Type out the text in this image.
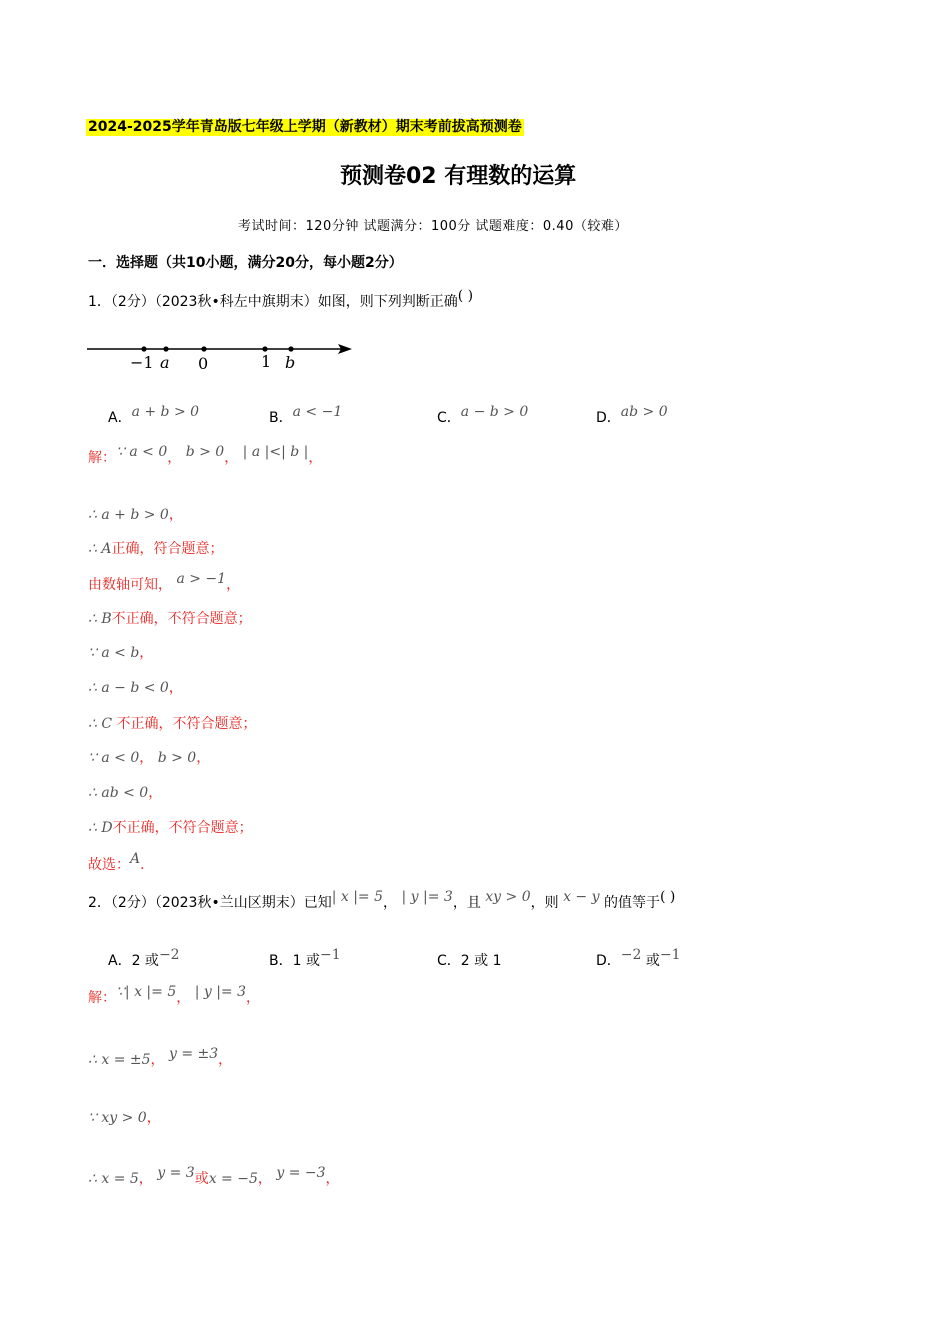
2024-2025学年青岛版七年级上学期（新教材）期末考前拔高预测卷
预测卷02 有理数的运算
考试时间：120分钟 试题满分：100分 试题难度：0.40（较难）
一．选择题（共10小题，满分20分，每小题2分）
1．（2分）（2023秋•科左中旗期末）如图，则下列判断正确( )
−1 a 0	1 b
A．a + b > 0	B．a < −1	C．a − b > 0	D．ab > 0
解：∵ a < 0， b > 0， | a |<| b |，
∴ a + b > 0，
∴ A正确，符合题意；
由数轴可知， a > −1，
∴ B不正确，不符合题意；
∵ a < b，
∴ a − b < 0，
∴ C 不正确，不符合题意；
∵ a < 0， b > 0，
∴ ab < 0，
∴ D不正确，不符合题意；
故选：A．
2．（2分）（2023秋•兰山区期末）已知| x |= 5， | y |= 3，且 xy > 0，则 x − y 的值等于( )
A．2 或−2	B．1 或−1	C．2 或 1	D．−2 或−1
解：∵| x |= 5， | y |= 3，
∴ x = ±5， y = ±3，
∵ xy > 0，
∴ x = 5， y = 3或x = −5， y = −3，
